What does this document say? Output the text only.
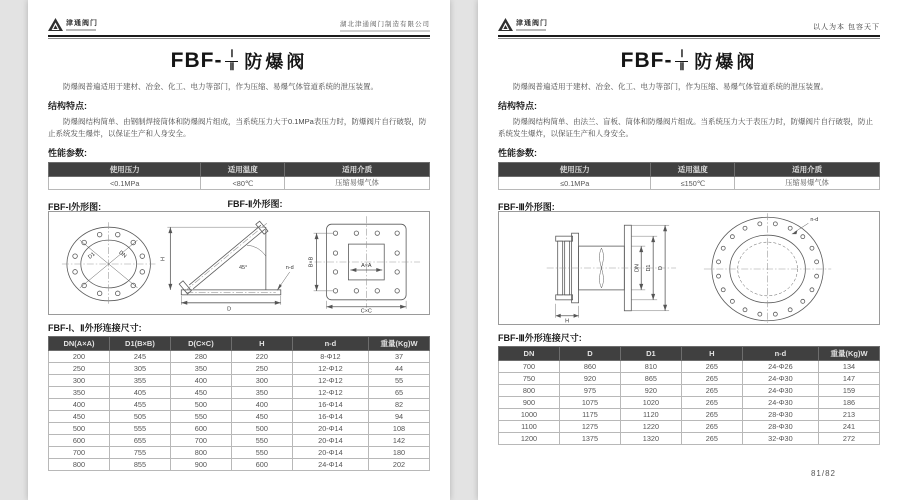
津通阀门	湖北津通阀门制造有限公司
$FBF- \frac{\text{Ⅰ}}{\text{Ⅱ}}$ 防爆阀

防爆阀普遍适用于建材、冶金、化工、电力等部门，作为压缩、易爆气体管道系统的泄压装置。

结构特点:

防爆阀结构简单、由钢制焊接筒体和防爆阀片组成，当系统压力大于0.1MPa表压力时，防爆阀片自行破裂，防止系统发生爆炸，以保证生产和人身安全。

性能参数:
使用压力	适用温度	适用介质
<0.1MPa	<80℃	压缩易爆气体
FBF-Ⅰ外形图:	FBF-Ⅱ外形图:
D1	DN	H
D
45°	n-d	A×A
B×B
C×C
FBF-Ⅰ、Ⅱ外形连接尺寸:
DN(A×A)	D1(B×B)	D(C×C)	H	n-d	重量(Kg)W
200	245	280	220	8-Φ12	37
250	305	350	250	12-Φ12	44
300	355	400	300	12-Φ12	55
350	405	450	350	12-Φ12	65
400	455	500	400	16-Φ14	82
450	505	550	450	16-Φ14	94
500	555	600	500	20-Φ14	108
600	655	700	550	20-Φ14	142
700	755	800	550	20-Φ14	180
800	855	900	600	24-Φ14	202
津通阀门
以人为本 包容天下
$FBF- \frac{\text{Ⅰ}}{\text{Ⅱ}}$ 防爆阀

防爆阀普遍适用于建材、冶金、化工、电力等部门，作为压缩、易爆气体管道系统的泄压装置。

结构特点:

防爆阀结构简单、由法兰、盲板、筒体和防爆阀片组成。当系统压力大于表压力时，防爆阀片自行破裂，防止系统发生爆炸，以保证生产和人身安全。

性能参数:
使用压力	适用温度	适用介质
≤0.1MPa	≤150℃	压缩易爆气体
FBF-Ⅲ外形图:
DN D1 D
H
n-d
FBF-Ⅲ外形连接尺寸:
DN	D	D1	H	n-d	重量(Kg)W
700	860	810	265	24-Φ26	134
750	920	865	265	24-Φ30	147
800	975	920	265	24-Φ30	159
900	1075	1020	265	24-Φ30	186
1000	1175	1120	265	28-Φ30	213
1100	1275	1220	265	28-Φ30	241
1200	1375	1320	265	32-Φ30	272
81/82
